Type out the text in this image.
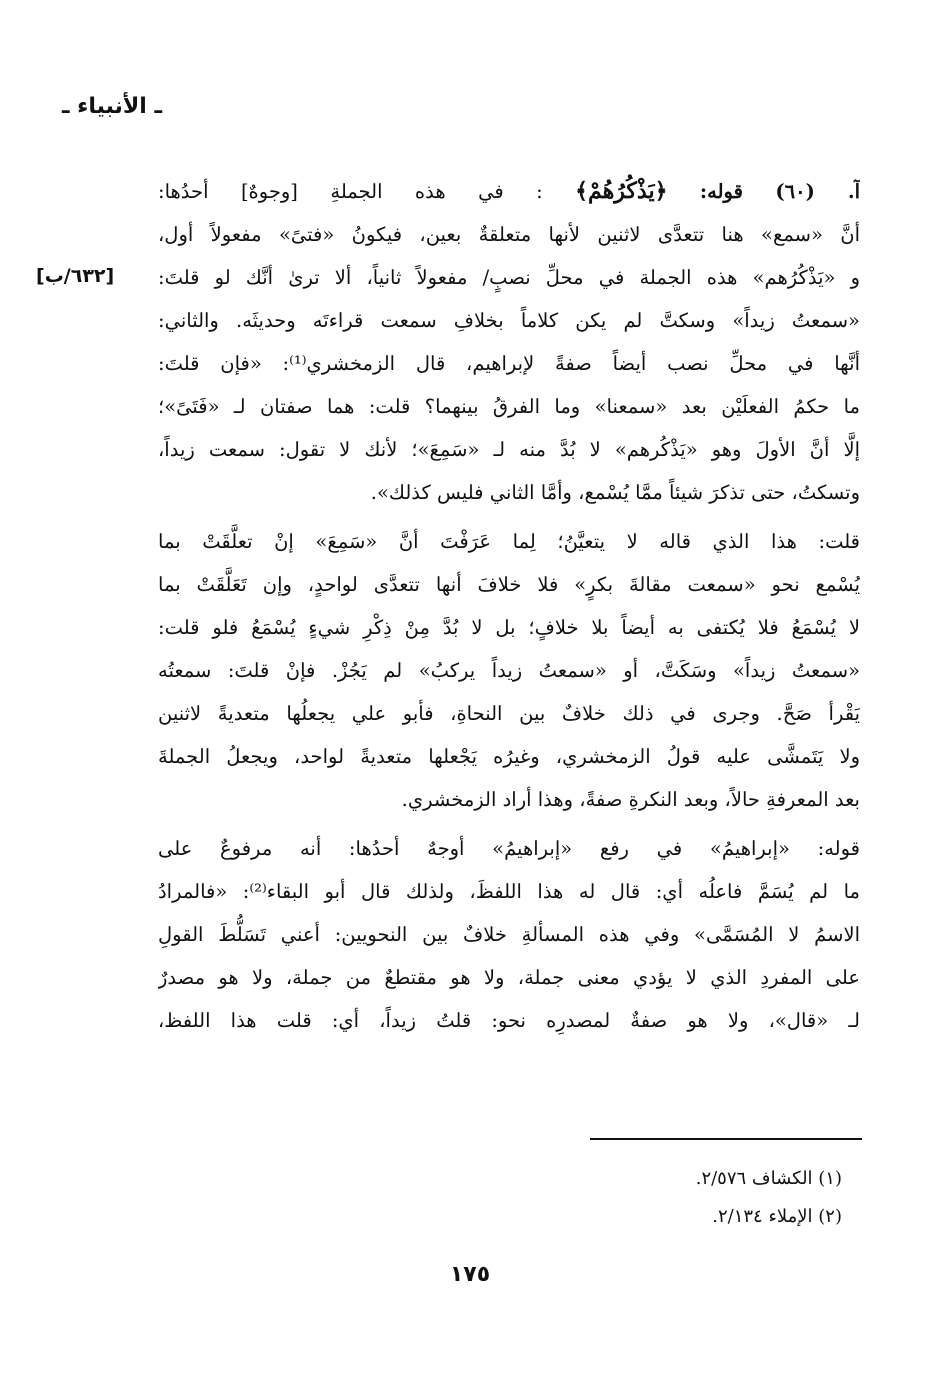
ـ الأنبياء ـ
[٦٣٢/ب]
آ. (٦٠) قوله: ﴿يَذْكُرُهُمْ﴾ : في هذه الجملةِ [وجوهٌ] أحدُها:
أنَّ «سمع» هنا تتعدَّى لاثنين لأنها متعلقةٌ بعين، فيكونُ «فتىً» مفعولاً أول،
و «يَذْكُرُهم» هذه الجملة في محلِّ نصبٍ/ مفعولاً ثانياً، ألا ترىٰ أنَّك لو قلتَ:
«سمعتُ زيداً» وسكتَّ لم يكن كلاماً بخلافِ سمعت قراءتَه وحديثَه. والثاني:
أنَّها في محلِّ نصب أيضاً صفةً لإبراهيم، قال الزمخشري⁽¹⁾: «فإن قلتَ:
ما حكمُ الفعلَيْن بعد «سمعنا» وما الفرقُ بينهما؟ قلت: هما صفتان لـ «فَتَىً»؛
إلَّا أنَّ الأولَ وهو «يَذْكُرهم» لا بُدَّ منه لـ «سَمِعَ»؛ لأنك لا تقول: سمعت زيداً،
وتسكتُ، حتى تذكرَ شيئاً ممَّا يُسْمع، وأمَّا الثاني فليس كذلك».
قلت: هذا الذي قاله لا يتعيَّنُ؛ لِما عَرَفْتَ أنَّ «سَمِعَ» إنْ تعلَّقَتْ بما
يُسْمع نحو «سمعت مقالةَ بكرٍ» فلا خلافَ أنها تتعدَّى لواحدٍ، وإن تَعَلَّقَتْ بما
لا يُسْمَعُ فلا يُكتفى به أيضاً بلا خلافٍ؛ بل لا بُدَّ مِنْ ذِكْرِ شيءٍ يُسْمَعُ فلو قلت:
«سمعتُ زيداً» وسَكَتَّ، أو «سمعتُ زيداً يركبُ» لم يَجُزْ. فإنْ قلتَ: سمعتُه
يَقْرأ صَحَّ. وجرى في ذلك خلافٌ بين النحاةِ، فأبو علي يجعلُها متعديةً لاثنين
ولا يَتَمشَّى عليه قولُ الزمخشري، وغيرُه يَجْعلها متعديةً لواحد، ويجعلُ الجملةَ
بعد المعرفةِ حالاً، وبعد النكرةِ صفةً، وهذا أراد الزمخشري.
قوله: «إبراهيمُ» في رفع «إبراهيمُ» أوجهٌ أحدُها: أنه مرفوعٌ على
ما لم يُسَمَّ فاعلُه أي: قال له هذا اللفظَ، ولذلك قال أبو البقاء⁽²⁾: «فالمرادُ
الاسمُ لا المُسَمَّى» وفي هذه المسألةِ خلافٌ بين النحويين: أعني تَسَلُّطَ القولِ
على المفردِ الذي لا يؤدي معنى جملة، ولا هو مقتطعٌ من جملة، ولا هو مصدرٌ
لـ «قال»، ولا هو صفةٌ لمصدرِه نحو: قلتُ زيداً، أي: قلت هذا اللفظ،
(١) الكشاف ٢/٥٧٦.
(٢) الإملاء ٢/١٣٤.
١٧٥
